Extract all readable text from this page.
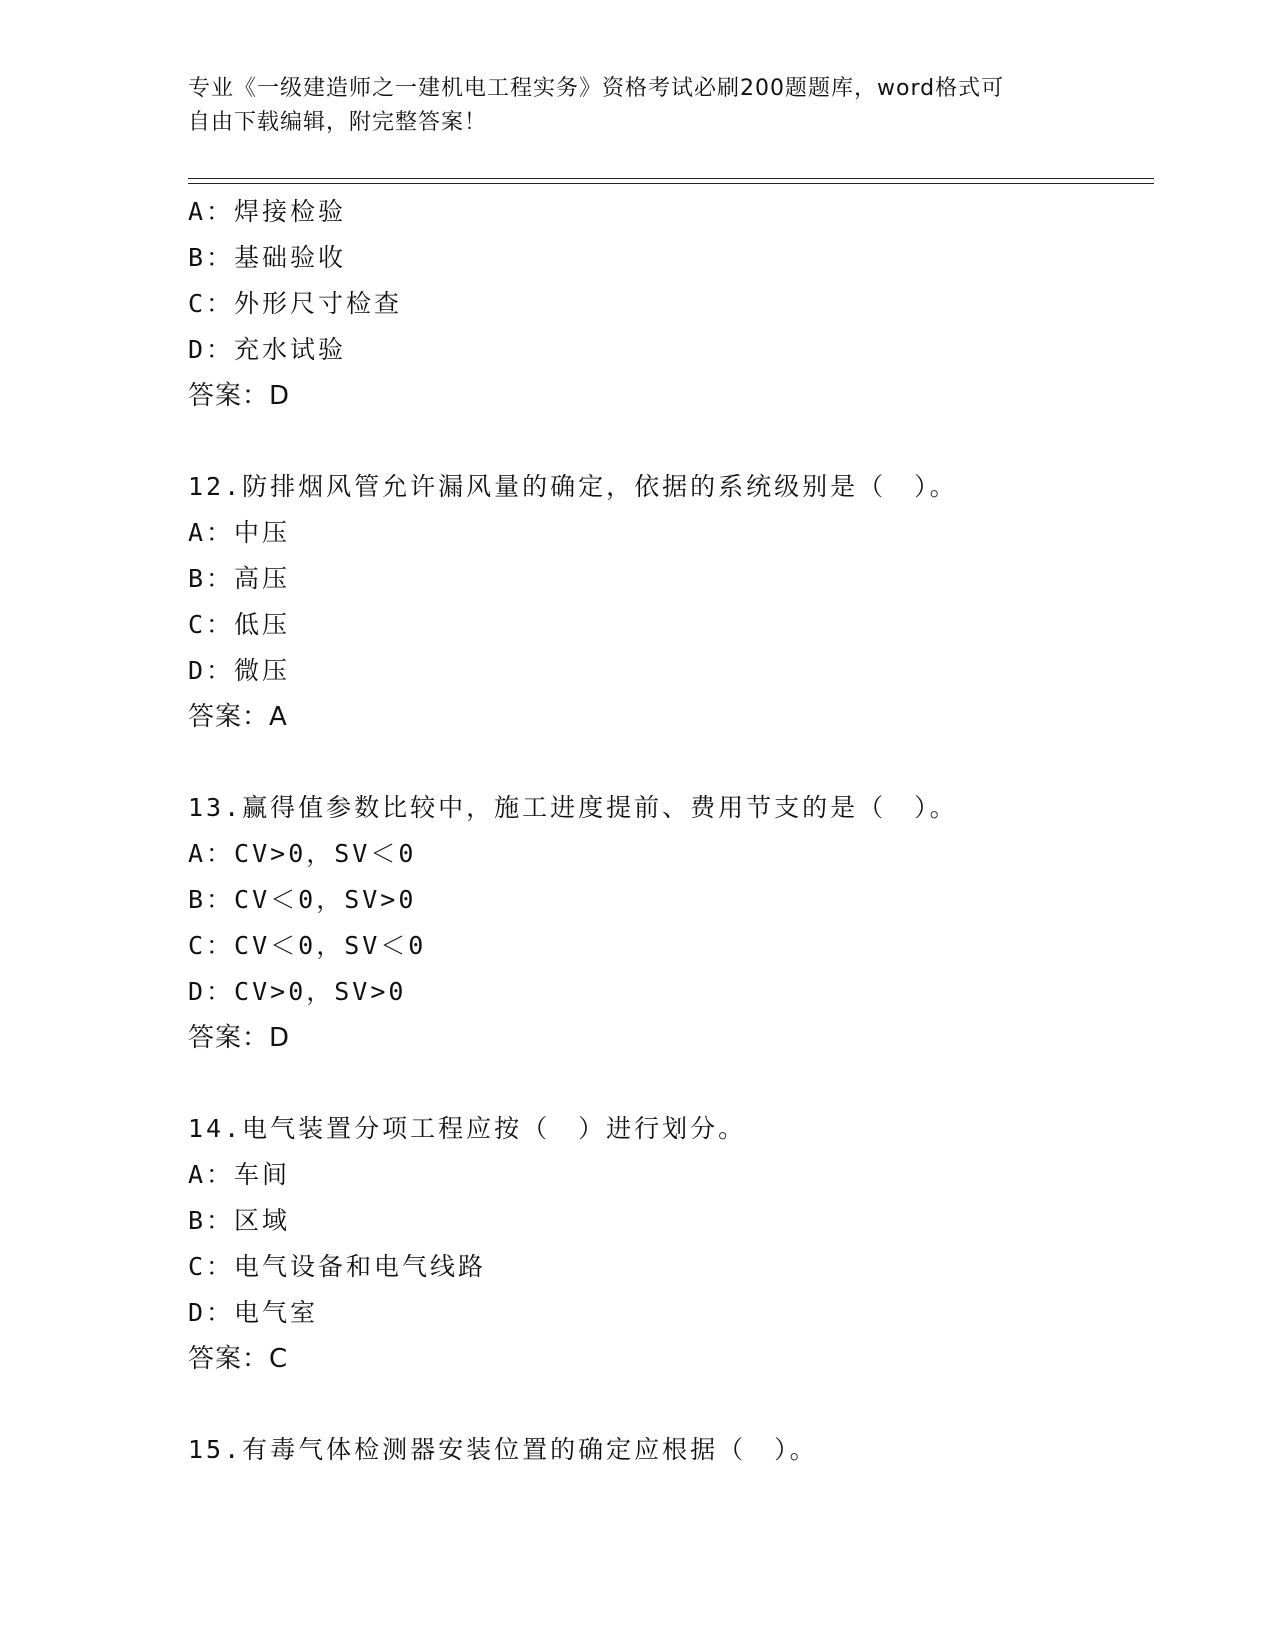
专业《一级建造师之一建机电工程实务》资格考试必刷200题题库，word格式可
自由下载编辑，附完整答案！
A：焊接检验
B：基础验收
C：外形尺寸检查
D：充水试验
答案：D
12.防排烟风管允许漏风量的确定，依据的系统级别是（　）。
A：中压
B：高压
C：低压
D：微压
答案：A
13.赢得值参数比较中，施工进度提前、费用节支的是（　）。
A：CV>0，SV＜0
B：CV＜0，SV>0
C：CV＜0，SV＜0
D：CV>0，SV>0
答案：D
14.电气装置分项工程应按（　）进行划分。
A：车间
B：区域
C：电气设备和电气线路
D：电气室
答案：C
15.有毒气体检测器安装位置的确定应根据（　）。
